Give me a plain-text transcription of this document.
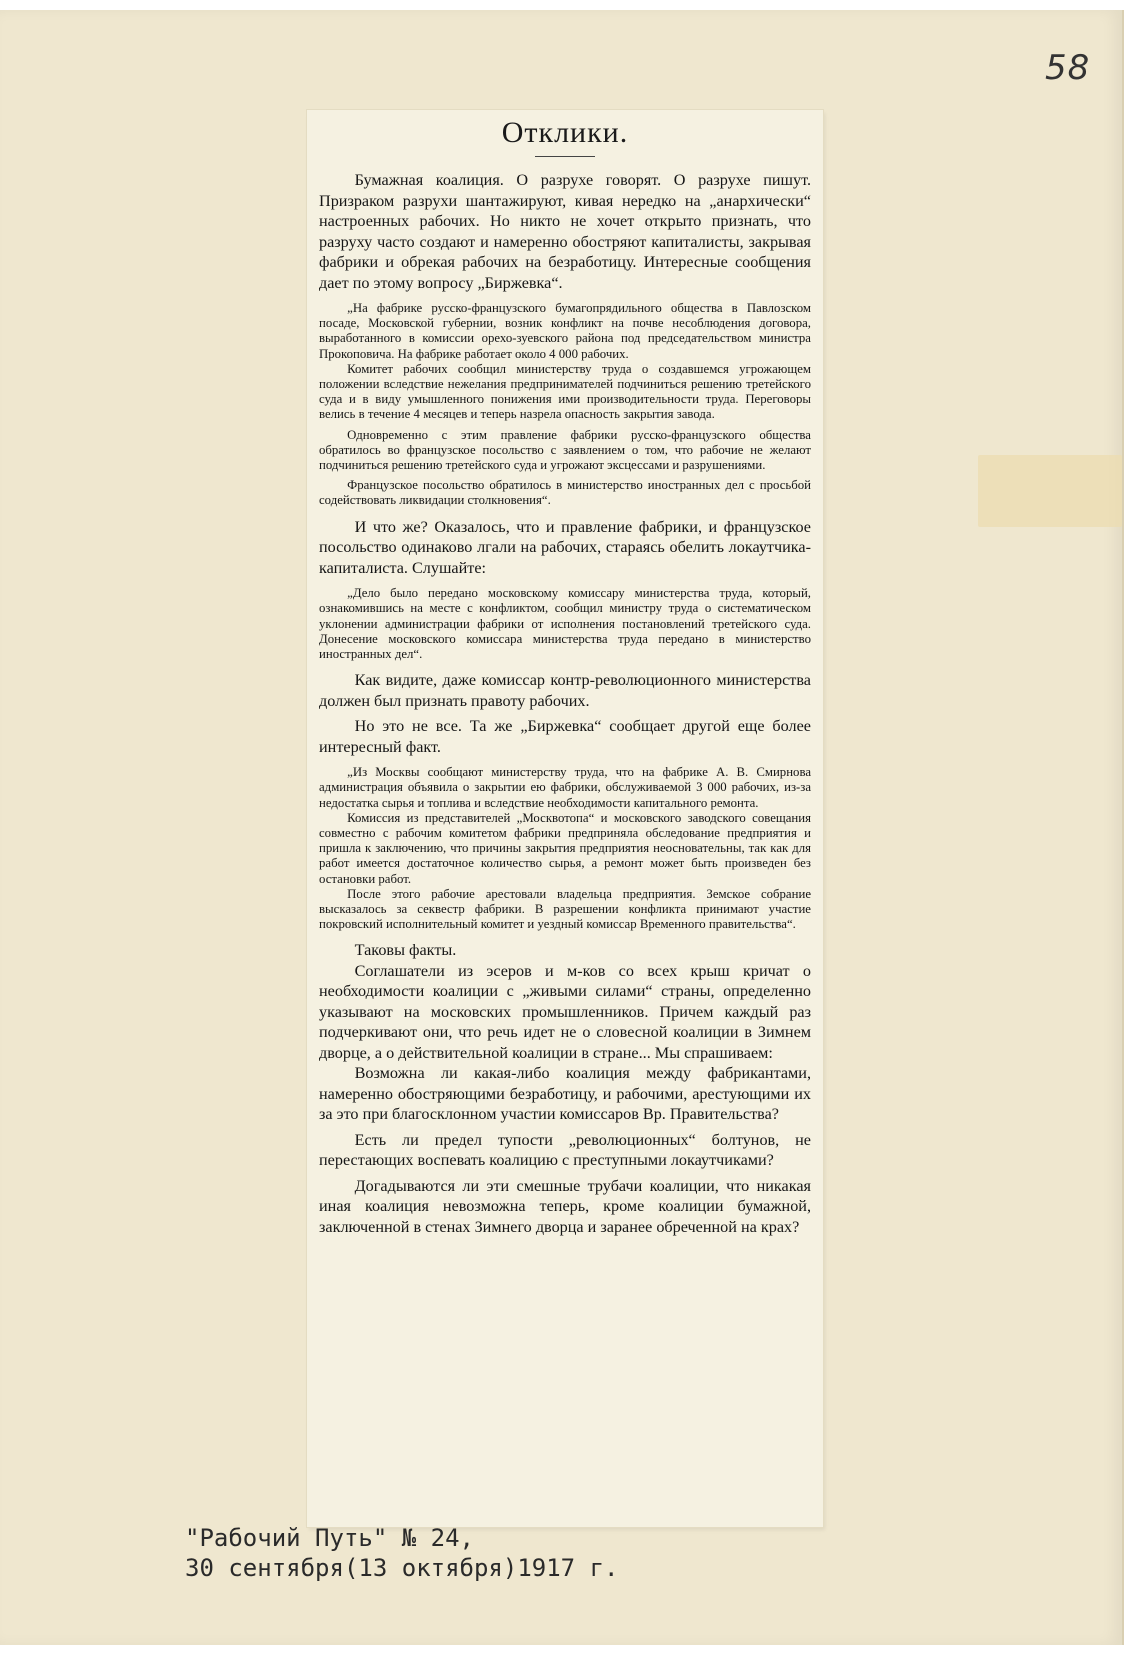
58
Отклики.

Бумажная коалиция. О разрухе говорят. О разрухе пишут. Призраком разрухи шантажируют, кивая нередко на „анархически“ настроенных рабочих. Но никто не хочет открыто признать, что разруху часто создают и намеренно обостряют капиталисты, закрывая фабрики и обрекая рабочих на безработицу. Интересные сообщения дает по этому вопросу „Биржевка“.

„На фабрике русско-французского бумагопрядильного общества в Павлозском посаде, Московской губернии, возник конфликт на почве несоблюдения договора, выработанного в комиссии орехо-зуевского района под председательством министра Прокоповича. На фабрике работает около 4 000 рабочих.

Комитет рабочих сообщил министерству труда о создавшемся угрожающем положении вследствие нежелания предпринимателей подчиниться решению третейского суда и в виду умышленного понижения ими производительности труда. Переговоры велись в течение 4 месяцев и теперь назрела опасность закрытия завода.

Одновременно с этим правление фабрики русско-французского общества обратилось во французское посольство с заявлением о том, что рабочие не желают подчиниться решению третейского суда и угрожают эксцессами и разрушениями.

Французское посольство обратилось в министерство иностранных дел с просьбой содействовать ликвидации столкновения“.

И что же? Оказалось, что и правление фабрики, и французское посольство одинаково лгали на рабочих, стараясь обелить локаутчика-капиталиста. Слушайте:

„Дело было передано московскому комиссару министерства труда, который, ознакомившись на месте с конфликтом, сообщил министру труда о систематическом уклонении администрации фабрики от исполнения постановлений третейского суда. Донесение московского комиссара министерства труда передано в министерство иностранных дел“.

Как видите, даже комиссар контр-революционного министерства должен был признать правоту рабочих.

Но это не все. Та же „Биржевка“ сообщает другой еще более интересный факт.

„Из Москвы сообщают министерству труда, что на фабрике А. В. Смирнова администрация объявила о закрытии ею фабрики, обслуживаемой 3 000 рабочих, из-за недостатка сырья и топлива и вследствие необходимости капитального ремонта.

Комиссия из представителей „Москвотопа“ и московского заводского совещания совместно с рабочим комитетом фабрики предприняла обследование предприятия и пришла к заключению, что причины закрытия предприятия неосновательны, так как для работ имеется достаточное количество сырья, а ремонт может быть произведен без остановки работ.

После этого рабочие арестовали владельца предприятия. Земское собрание высказалось за секвестр фабрики. В разрешении конфликта принимают участие покровский исполнительный комитет и уездный комиссар Временного правительства“.

Таковы факты.

Соглашатели из эсеров и м-ков со всех крыш кричат о необходимости коалиции с „живыми силами“ страны, определенно указывают на московских промышленников. Причем каждый раз подчеркивают они, что речь идет не о словесной коалиции в Зимнем дворце, а о действительной коалиции в стране... Мы спрашиваем:

Возможна ли какая-либо коалиция между фабрикантами, намеренно обостряющими безработицу, и рабочими, арестующими их за это при благосклонном участии комиссаров Вр. Правительства?

Есть ли предел тупости „революционных“ болтунов, не перестающих воспевать коалицию с преступными локаутчиками?

Догадываются ли эти смешные трубачи коалиции, что никакая иная коалиция невозможна теперь, кроме коалиции бумажной, заключенной в стенах Зимнего дворца и заранее обреченной на крах?

"Рабочий Путь" № 24,
30 сентября(13 октября)1917 г.
